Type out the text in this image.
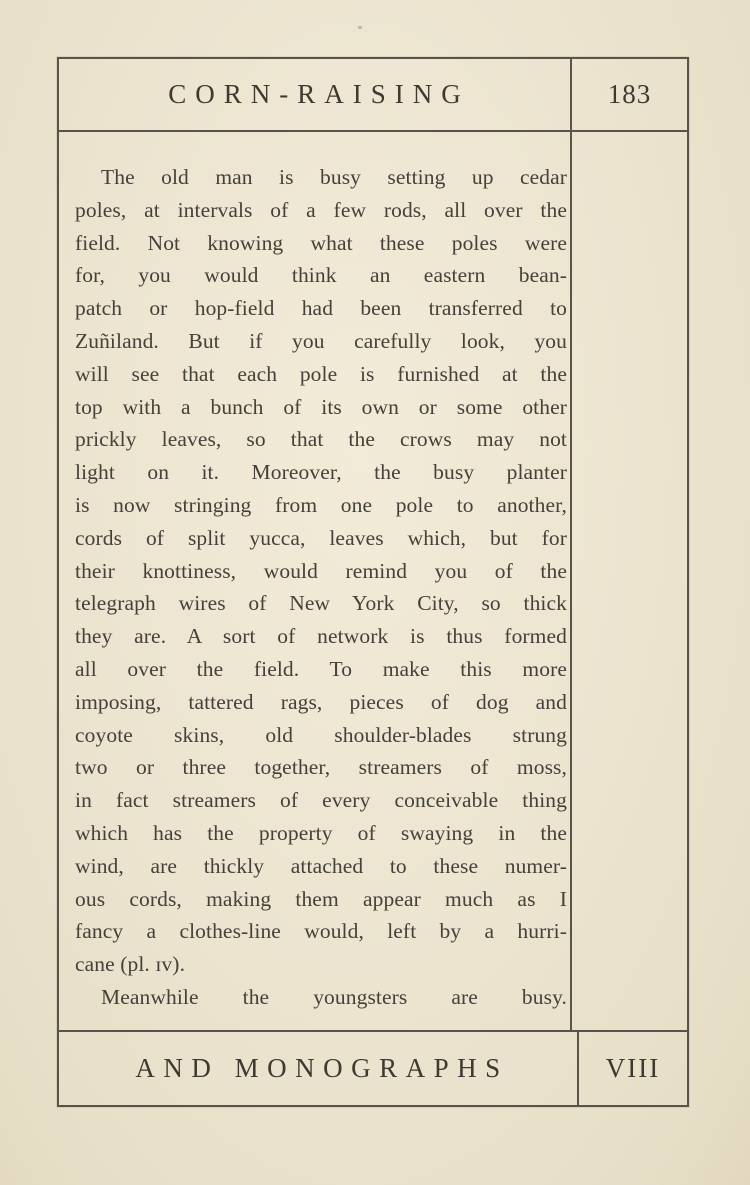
CORN-RAISING	183
The old man is busy setting up cedar
poles, at intervals of a few rods, all over the
field. Not knowing what these poles were
for, you would think an eastern bean-
patch or hop-field had been transferred to
Zuñiland. But if you carefully look, you
will see that each pole is furnished at the
top with a bunch of its own or some other
prickly leaves, so that the crows may not
light on it. Moreover, the busy planter
is now stringing from one pole to another,
cords of split yucca, leaves which, but for
their knottiness, would remind you of the
telegraph wires of New York City, so thick
they are. A sort of network is thus formed
all over the field. To make this more
imposing, tattered rags, pieces of dog and
coyote skins, old shoulder-blades strung
two or three together, streamers of moss,
in fact streamers of every conceivable thing
which has the property of swaying in the
wind, are thickly attached to these numer-
ous cords, making them appear much as I
fancy a clothes-line would, left by a hurri-
cane (pl. ɪᴠ).
Meanwhile the youngsters are busy.
AND MONOGRAPHS	VIII
